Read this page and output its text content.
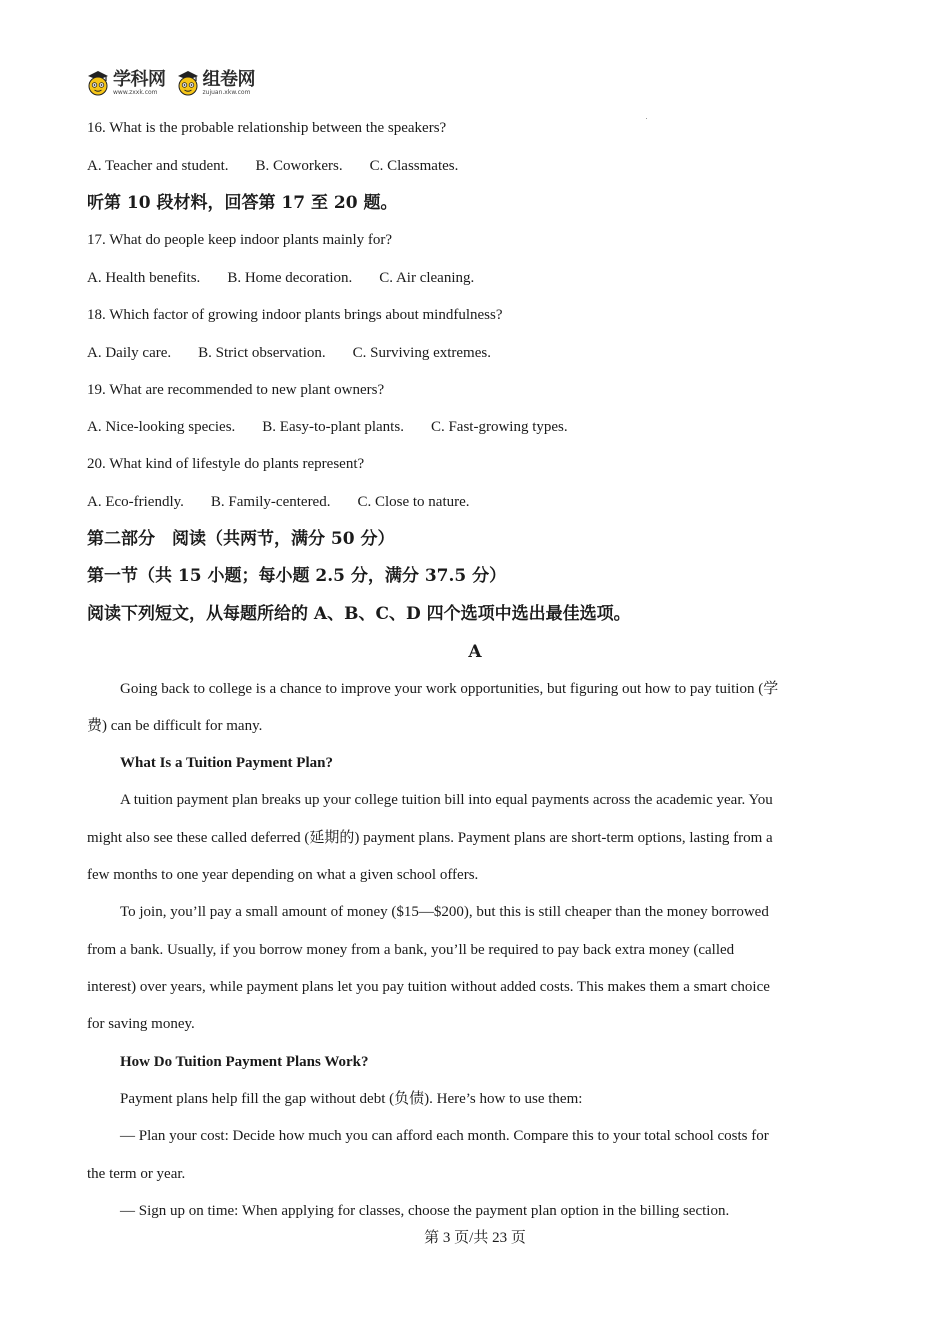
学科网
www.zxxk.com
组卷网
zujuan.xkw.com
16. What is the probable relationship between the speakers?
A. Teacher and student. B. Coworkers. C. Classmates.
听第 10 段材料，回答第 17 至 20 题。
17. What do people keep indoor plants mainly for?
A. Health benefits. B. Home decoration. C. Air cleaning.
18. Which factor of growing indoor plants brings about mindfulness?
A. Daily care. B. Strict observation. C. Surviving extremes.
19. What are recommended to new plant owners?
A. Nice-looking species. B. Easy-to-plant plants. C. Fast-growing types.
20. What kind of lifestyle do plants represent?
A. Eco-friendly. B. Family-centered. C. Close to nature.
第二部分　阅读（共两节，满分 50 分）
第一节（共 15 小题；每小题 2.5 分，满分 37.5 分）
阅读下列短文，从每题所给的 A、B、C、D 四个选项中选出最佳选项。
A
Going back to college is a chance to improve your work opportunities, but figuring out how to pay tuition (学
费) can be difficult for many.
What Is a Tuition Payment Plan?
A tuition payment plan breaks up your college tuition bill into equal payments across the academic year. You
might also see these called deferred (延期的) payment plans. Payment plans are short-term options, lasting from a
few months to one year depending on what a given school offers.
To join, you’ll pay a small amount of money ($15—$200), but this is still cheaper than the money borrowed
from a bank. Usually, if you borrow money from a bank, you’ll be required to pay back extra money (called
interest) over years, while payment plans let you pay tuition without added costs. This makes them a smart choice
for saving money.
How Do Tuition Payment Plans Work?
Payment plans help fill the gap without debt (负债). Here’s how to use them:
— Plan your cost: Decide how much you can afford each month. Compare this to your total school costs for
the term or year.
— Sign up on time: When applying for classes, choose the payment plan option in the billing section.
第 3 页/共 23 页
